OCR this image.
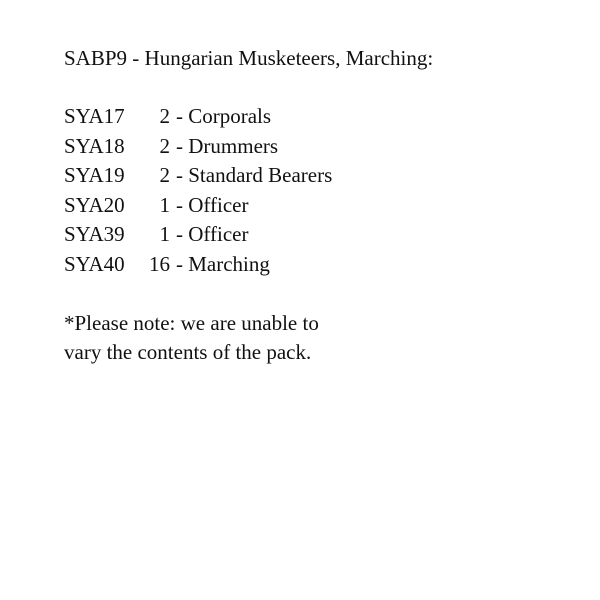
SABP9 - Hungarian Musketeers, Marching:
SYA17	2 - Corporals
SYA18	2 - Drummers
SYA19	2 - Standard Bearers
SYA20	1 - Officer
SYA39	1 - Officer
SYA40	16 - Marching
*Please note: we are unable to
vary the contents of the pack.
